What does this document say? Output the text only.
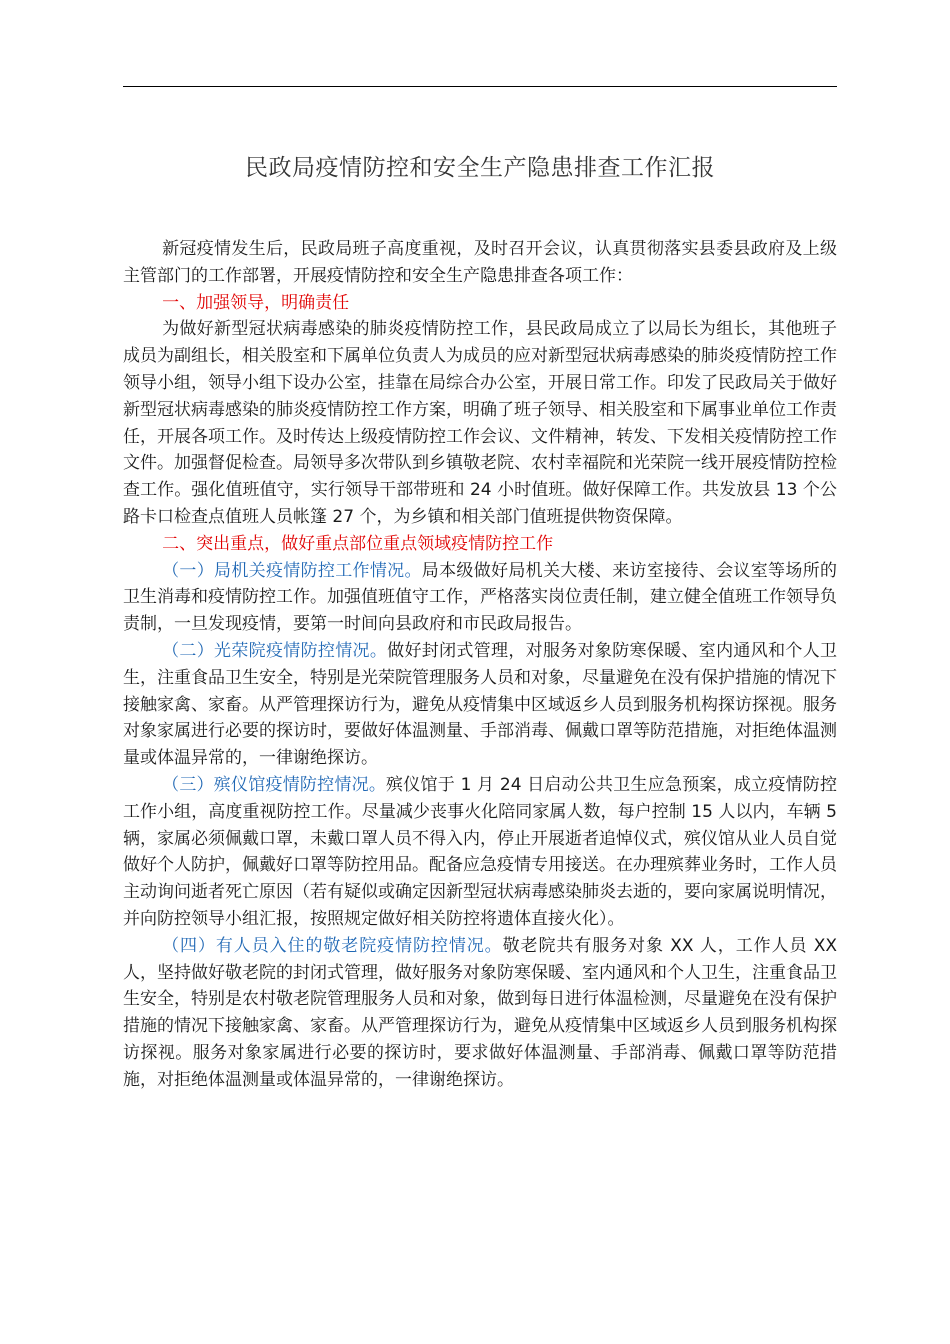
民政局疫情防控和安全生产隐患排查工作汇报

新冠疫情发生后，民政局班子高度重视，及时召开会议，认真贯彻落实县委县政府及上级主管部门的工作部署，开展疫情防控和安全生产隐患排查各项工作：

一、加强领导，明确责任

为做好新型冠状病毒感染的肺炎疫情防控工作，县民政局成立了以局长为组长，其他班子成员为副组长，相关股室和下属单位负责人为成员的应对新型冠状病毒感染的肺炎疫情防控工作领导小组，领导小组下设办公室，挂靠在局综合办公室，开展日常工作。印发了民政局关于做好新型冠状病毒感染的肺炎疫情防控工作方案，明确了班子领导、相关股室和下属事业单位工作责任，开展各项工作。及时传达上级疫情防控工作会议、文件精神，转发、下发相关疫情防控工作文件。加强督促检查。局领导多次带队到乡镇敬老院、农村幸福院和光荣院一线开展疫情防控检查工作。强化值班值守，实行领导干部带班和 24 小时值班。做好保障工作。共发放县 13 个公路卡口检查点值班人员帐篷 27 个，为乡镇和相关部门值班提供物资保障。

二、突出重点，做好重点部位重点领域疫情防控工作

（一）局机关疫情防控工作情况。局本级做好局机关大楼、来访室接待、会议室等场所的卫生消毒和疫情防控工作。加强值班值守工作，严格落实岗位责任制，建立健全值班工作领导负责制，一旦发现疫情，要第一时间向县政府和市民政局报告。

（二）光荣院疫情防控情况。做好封闭式管理，对服务对象防寒保暖、室内通风和个人卫生，注重食品卫生安全，特别是光荣院管理服务人员和对象，尽量避免在没有保护措施的情况下接触家禽、家畜。从严管理探访行为，避免从疫情集中区域返乡人员到服务机构探访探视。服务对象家属进行必要的探访时，要做好体温测量、手部消毒、佩戴口罩等防范措施，对拒绝体温测量或体温异常的，一律谢绝探访。

（三）殡仪馆疫情防控情况。殡仪馆于 1 月 24 日启动公共卫生应急预案，成立疫情防控工作小组，高度重视防控工作。尽量减少丧事火化陪同家属人数，每户控制 15 人以内，车辆 5 辆，家属必须佩戴口罩，未戴口罩人员不得入内，停止开展逝者追悼仪式，殡仪馆从业人员自觉做好个人防护，佩戴好口罩等防控用品。配备应急疫情专用接送。在办理殡葬业务时，工作人员主动询问逝者死亡原因（若有疑似或确定因新型冠状病毒感染肺炎去逝的，要向家属说明情况，并向防控领导小组汇报，按照规定做好相关防控将遗体直接火化）。

（四）有人员入住的敬老院疫情防控情况。敬老院共有服务对象 XX 人，工作人员 XX 人，坚持做好敬老院的封闭式管理，做好服务对象防寒保暖、室内通风和个人卫生，注重食品卫生安全，特别是农村敬老院管理服务人员和对象，做到每日进行体温检测，尽量避免在没有保护措施的情况下接触家禽、家畜。从严管理探访行为，避免从疫情集中区域返乡人员到服务机构探访探视。服务对象家属进行必要的探访时，要求做好体温测量、手部消毒、佩戴口罩等防范措施，对拒绝体温测量或体温异常的，一律谢绝探访。
